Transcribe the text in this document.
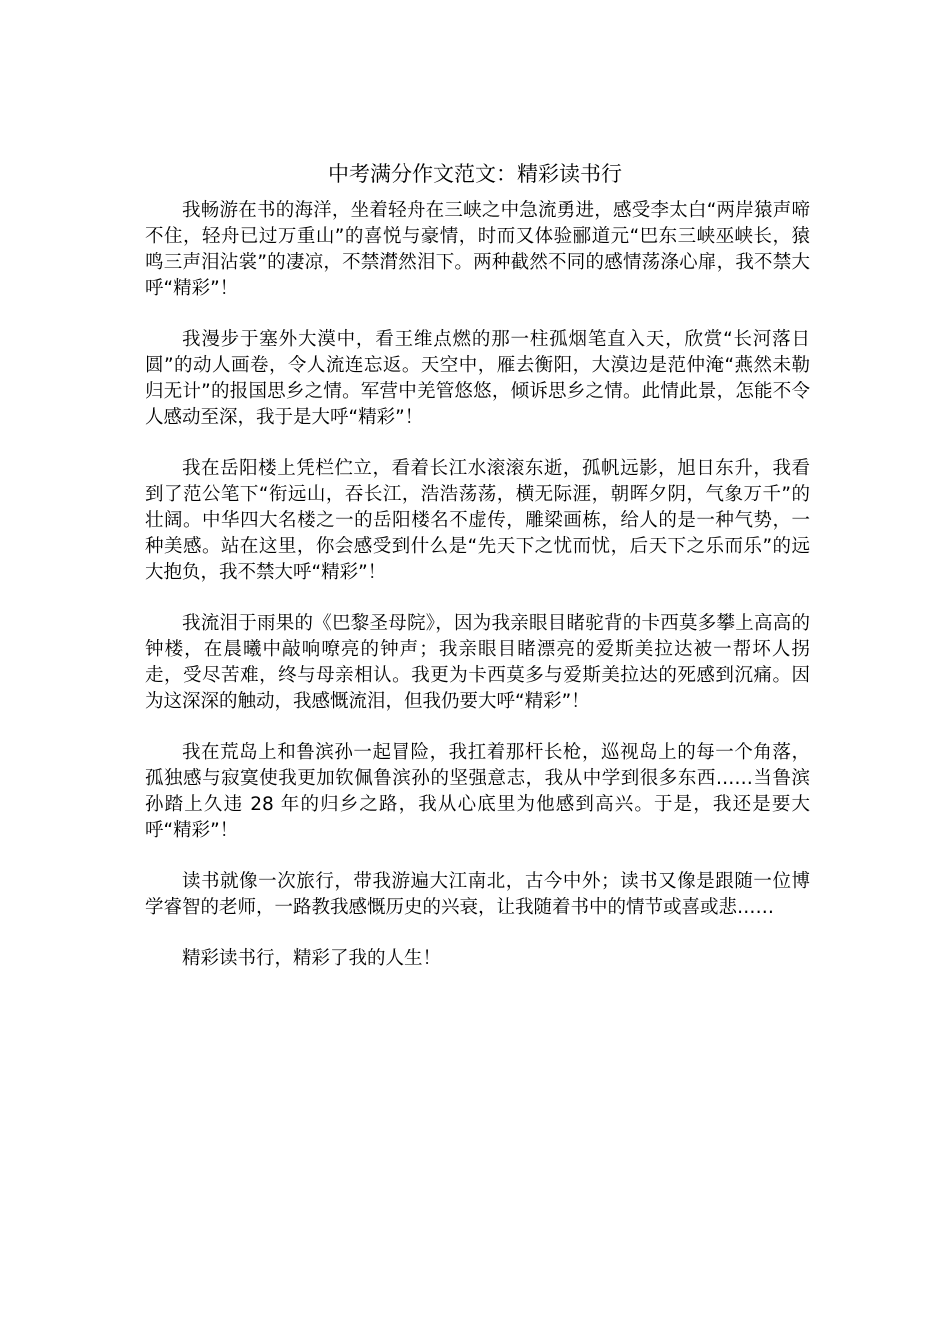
中考满分作文范文：精彩读书行

我畅游在书的海洋，坐着轻舟在三峡之中急流勇进，感受李太白“两岸猿声啼不住，轻舟已过万重山”的喜悦与豪情，时而又体验郦道元“巴东三峡巫峡长，猿鸣三声泪沾裳”的凄凉，不禁潸然泪下。两种截然不同的感情荡涤心扉，我不禁大呼“精彩”！

我漫步于塞外大漠中，看王维点燃的那一柱孤烟笔直入天，欣赏“长河落日圆”的动人画卷，令人流连忘返。天空中，雁去衡阳，大漠边是范仲淹“燕然未勒归无计”的报国思乡之情。军营中羌管悠悠，倾诉思乡之情。此情此景，怎能不令人感动至深，我于是大呼“精彩”！

我在岳阳楼上凭栏伫立，看着长江水滚滚东逝，孤帆远影，旭日东升，我看到了范公笔下“衔远山，吞长江，浩浩荡荡，横无际涯，朝晖夕阴，气象万千”的壮阔。中华四大名楼之一的岳阳楼名不虚传，雕梁画栋，给人的是一种气势，一种美感。站在这里，你会感受到什么是“先天下之忧而忧，后天下之乐而乐”的远大抱负，我不禁大呼“精彩”！

我流泪于雨果的《巴黎圣母院》，因为我亲眼目睹驼背的卡西莫多攀上高高的钟楼，在晨曦中敲响嘹亮的钟声；我亲眼目睹漂亮的爱斯美拉达被一帮坏人拐走，受尽苦难，终与母亲相认。我更为卡西莫多与爱斯美拉达的死感到沉痛。因为这深深的触动，我感慨流泪，但我仍要大呼“精彩”！

我在荒岛上和鲁滨孙一起冒险，我扛着那杆长枪，巡视岛上的每一个角落，孤独感与寂寞使我更加钦佩鲁滨孙的坚强意志，我从中学到很多东西……当鲁滨孙踏上久违 28 年的归乡之路，我从心底里为他感到高兴。于是，我还是要大呼“精彩”！

读书就像一次旅行，带我游遍大江南北，古今中外；读书又像是跟随一位博学睿智的老师，一路教我感慨历史的兴衰，让我随着书中的情节或喜或悲……

精彩读书行，精彩了我的人生！
